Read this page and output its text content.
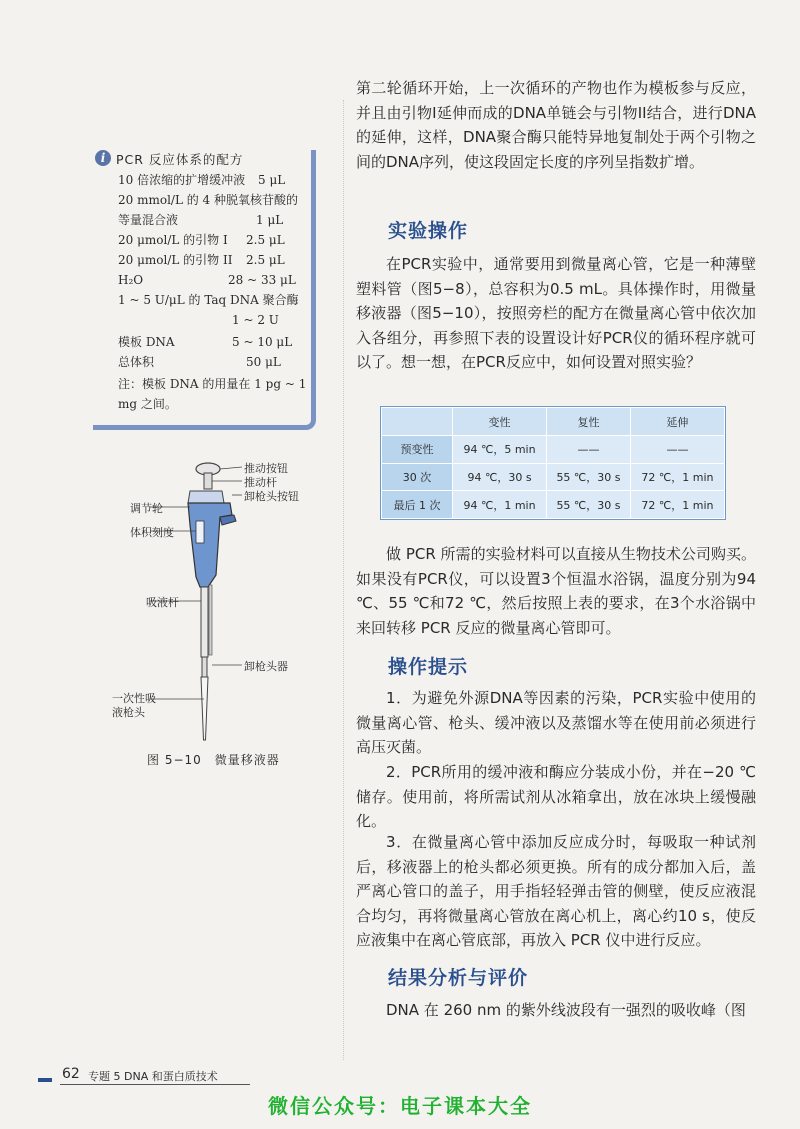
i PCR 反应体系的配方
10 倍浓缩的扩增缓冲液 5 μL
20 mmol/L 的 4 种脱氧核苷酸的
等量混合液	1 μL
20 μmol/L 的引物 I 2.5 μL
20 μmol/L 的引物 II 2.5 μL
H₂O	28 ~ 33 μL
1 ~ 5 U/μL 的 Taq DNA 聚合酶
1 ~ 2 U
模板 DNA	5 ~ 10 μL
总体积	50 μL
注：模板 DNA 的用量在 1 pg ~ 1 mg 之间。
推动按钮
推动杆
卸枪头按钮
调节轮
体积刻度
吸液杆
卸枪头器
一次性吸液枪头
图 5−10　微量移液器
第二轮循环开始，上一次循环的产物也作为模板参与反应，并且由引物I延伸而成的DNA单链会与引物II结合，进行DNA的延伸，这样，DNA聚合酶只能特异地复制处于两个引物之间的DNA序列，使这段固定长度的序列呈指数扩增。
实验操作
在PCR实验中，通常要用到微量离心管，它是一种薄壁塑料管（图5−8），总容积为0.5 mL。具体操作时，用微量移液器（图5−10），按照旁栏的配方在微量离心管中依次加入各组分，再参照下表的设置设计好PCR仪的循环程序就可以了。想一想，在PCR反应中，如何设置对照实验？
	变性	复性	延伸
预变性	94 ℃，5 min	——	——
30 次	94 ℃，30 s	55 ℃，30 s	72 ℃，1 min
最后 1 次	94 ℃，1 min	55 ℃，30 s	72 ℃，1 min
做 PCR 所需的实验材料可以直接从生物技术公司购买。如果没有PCR仪，可以设置3个恒温水浴锅，温度分别为94 ℃、55 ℃和72 ℃，然后按照上表的要求，在3个水浴锅中来回转移 PCR 反应的微量离心管即可。
操作提示
1．为避免外源DNA等因素的污染，PCR实验中使用的微量离心管、枪头、缓冲液以及蒸馏水等在使用前必须进行高压灭菌。
2．PCR所用的缓冲液和酶应分装成小份，并在−20 ℃储存。使用前，将所需试剂从冰箱拿出，放在冰块上缓慢融化。
3．在微量离心管中添加反应成分时，每吸取一种试剂后，移液器上的枪头都必须更换。所有的成分都加入后，盖严离心管口的盖子，用手指轻轻弹击管的侧壁，使反应液混合均匀，再将微量离心管放在离心机上，离心约10 s，使反应液集中在离心管底部，再放入 PCR 仪中进行反应。
结果分析与评价
DNA 在 260 nm 的紫外线波段有一强烈的吸收峰（图
62 专题 5 DNA 和蛋白质技术
微信公众号：电子课本大全
